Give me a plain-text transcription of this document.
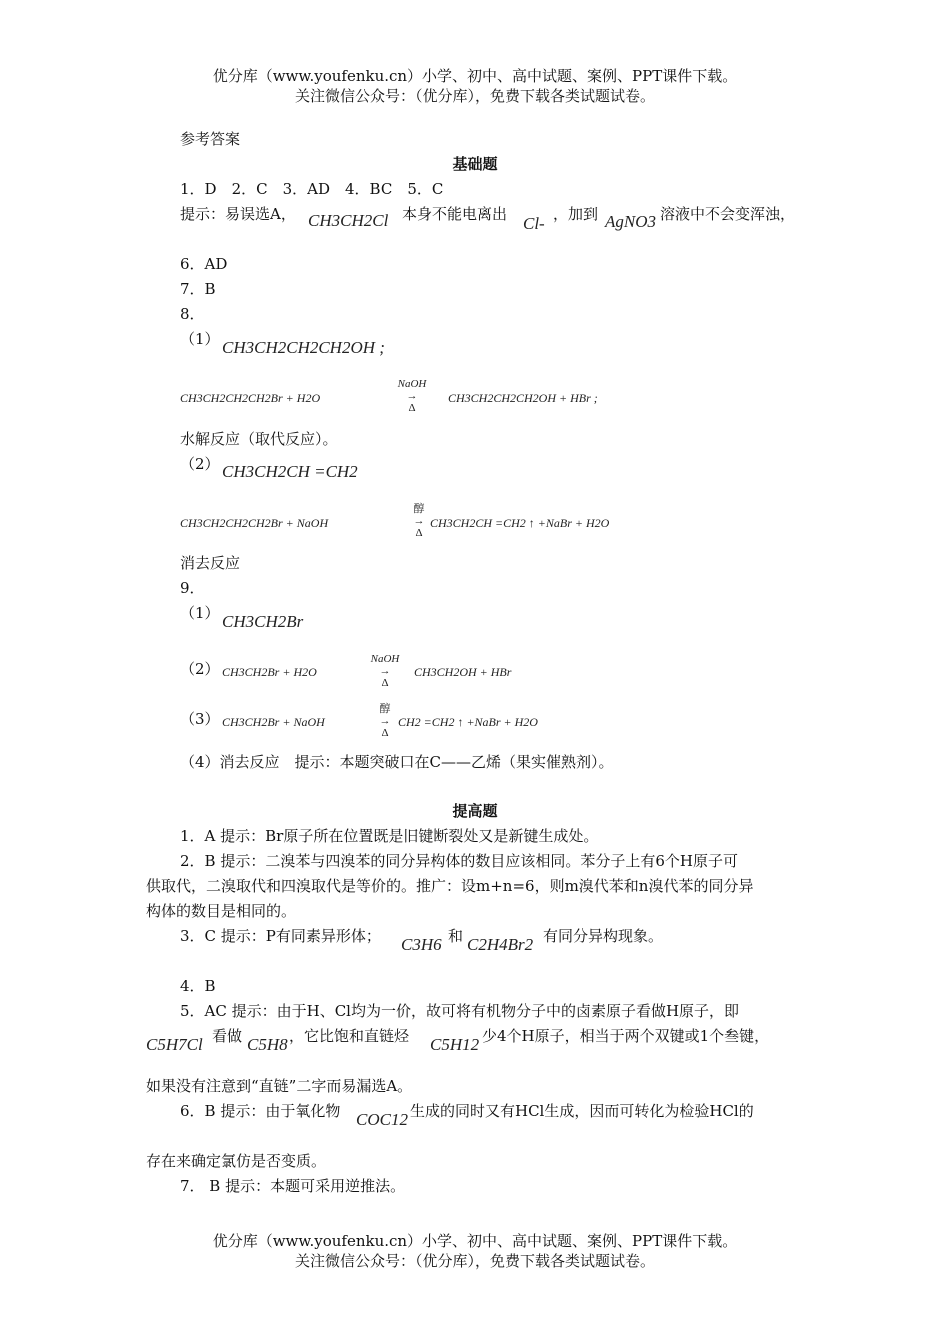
优分库（www.youfenku.cn）小学、初中、高中试题、案例、PPT课件下载。
关注微信公众号：（优分库），免费下载各类试题试卷。
参考答案
基础题
1．D　2．C　3．AD　4．BC　5．C
提示：易误选A， CH3CH2Cl 本身不能电离出 Cl- ，加到 AgNO3 溶液中不会变浑浊，
6．AD
7．B
8．
（1） CH3CH2CH2CH2OH ;
CH3CH2CH2CH2Br + H2O
NaOH
→
Δ
CH3CH2CH2CH2OH + HBr ;
水解反应（取代反应）。
（2） CH3CH2CH =CH2
CH3CH2CH2CH2Br + NaOH
醇
→
Δ
CH3CH2CH =CH2 ↑ +NaBr + H2O
消去反应
9．
（1） CH3CH2Br
（2） CH3CH2Br + H2O
NaOH
→
Δ
CH3CH2OH + HBr
（3） CH3CH2Br + NaOH
醇
→
Δ
CH2 =CH2 ↑ +NaBr + H2O
（4）消去反应　提示：本题突破口在C——乙烯（果实催熟剂）。
提高题
1．A 提示：Br原子所在位置既是旧键断裂处又是新键生成处。
2．B 提示：二溴苯与四溴苯的同分异构体的数目应该相同。苯分子上有6个H原子可
供取代，二溴取代和四溴取代是等价的。推广：设m+n=6，则m溴代苯和n溴代苯的同分异
构体的数目是相同的。
3．C 提示：P有同素异形体； C3H6 和 C2H4Br2 有同分异构现象。
4．B
5．AC 提示：由于H、Cl均为一价，故可将有机物分子中的卤素原子看做H原子，即
C5H7Cl 看做 C5H8 ，它比饱和直链烃 C5H12 少4个H原子，相当于两个双键或1个叁键，
如果没有注意到“直链”二字而易漏选A。
6．B 提示：由于氧化物 COC12 生成的同时又有HCl生成，因而可转化为检验HCl的
存在来确定氯仿是否变质。
7． B 提示：本题可采用逆推法。
优分库（www.youfenku.cn）小学、初中、高中试题、案例、PPT课件下载。
关注微信公众号：（优分库），免费下载各类试题试卷。
